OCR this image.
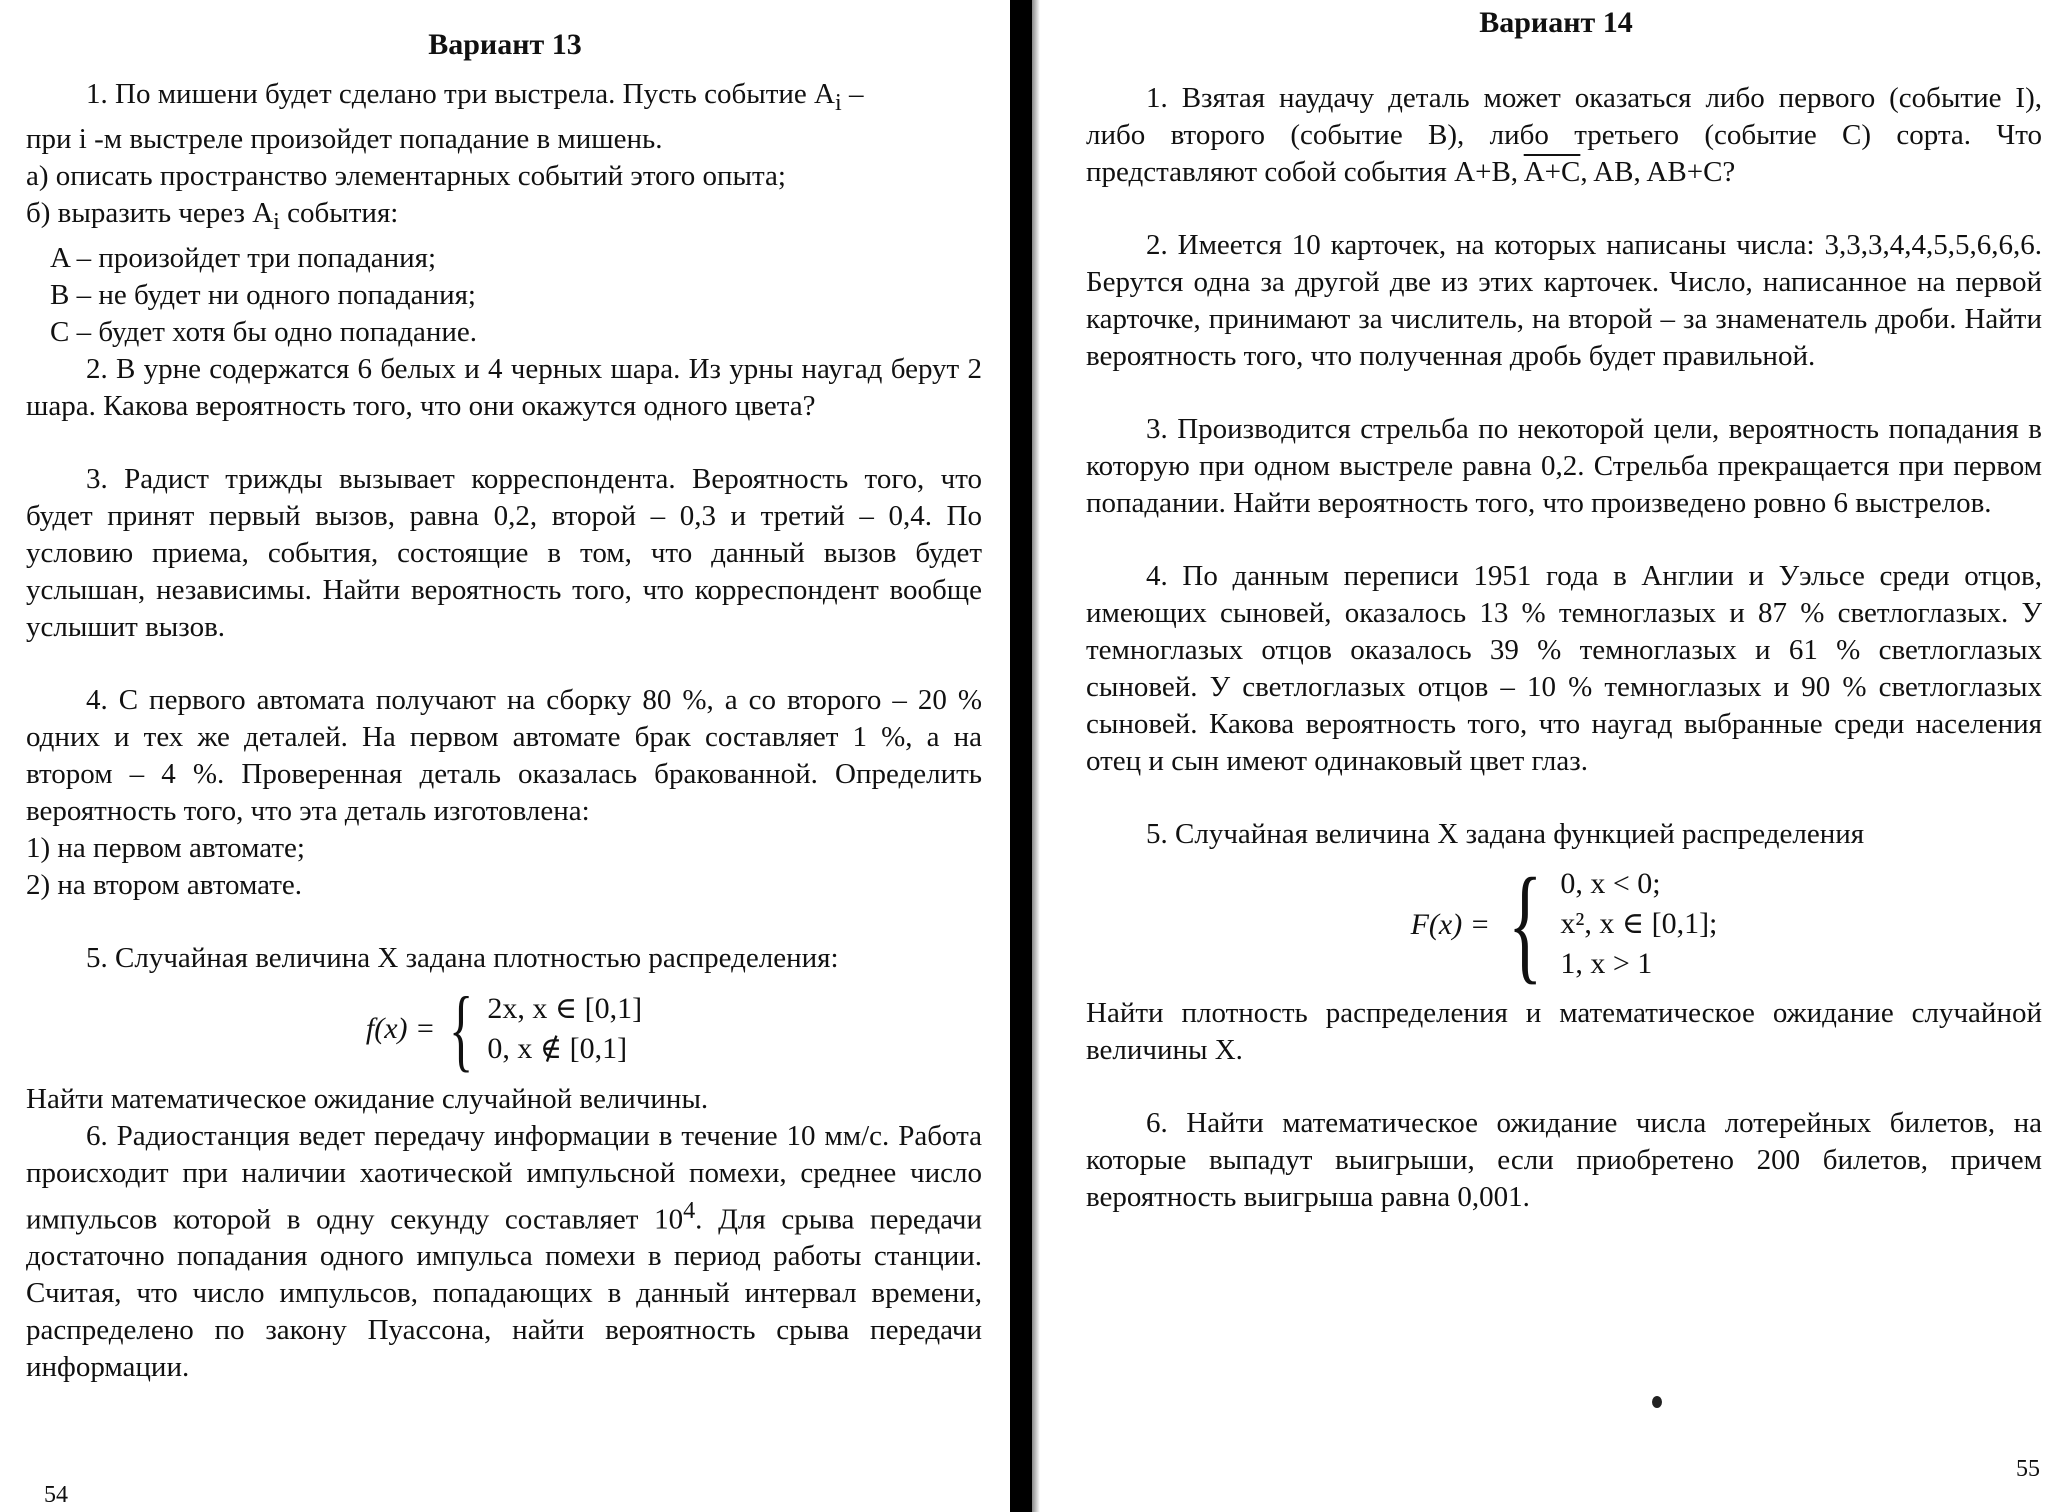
Вариант 13
1. По мишени будет сделано три выстрела. Пусть событие $A_i$ –
при i -м выстреле произойдет попадание в мишень.
а) описать пространство элементарных событий этого опыта;
б) выразить через $A_i$ события:
A – произойдет три попадания;
B – не будет ни одного попадания;
C – будет хотя бы одно попадание.

2. В урне содержатся 6 белых и 4 черных шара. Из урны наугад берут 2 шара. Какова вероятность того, что они окажутся одного цвета?

3. Радист трижды вызывает корреспондента. Вероятность того, что будет принят первый вызов, равна 0,2, второй – 0,3 и третий – 0,4. По условию приема, события, состоящие в том, что данный вызов будет услышан, независимы. Найти вероятность того, что корреспондент вообще услышит вызов.

4. С первого автомата получают на сборку 80 %, а со второго – 20 % одних и тех же деталей. На первом автомате брак составляет 1 %, а на втором – 4 %. Проверенная деталь оказалась бракованной. Определить вероятность того, что эта деталь изготовлена:

1) на первом автомате;
2) на втором автомате.

5. Случайная величина X задана плотностью распределения:

f(x) = { 2x, x ∈ [0,1]
0, x ∉ [0,1]

Найти математическое ожидание случайной величины.

6. Радиостанция ведет передачу информации в течение 10 мм/с. Работа происходит при наличии хаотической импульсной помехи, среднее число импульсов которой в одну секунду составляет $10^4$. Для срыва передачи достаточно попадания одного импульса помехи в период работы станции. Считая, что число импульсов, попадающих в данный интервал времени, распределено по закону Пуассона, найти вероятность срыва передачи информации.

54
Вариант 14

1. Взятая наудачу деталь может оказаться либо первого (событие I), либо второго (событие B), либо третьего (событие C) сорта. Что представляют собой события A+B, A+C, AB, AB+C?

2. Имеется 10 карточек, на которых написаны числа: 3,3,3,4,4,5,5,6,6,6. Берутся одна за другой две из этих карточек. Число, написанное на первой карточке, принимают за числитель, на второй – за знаменатель дроби. Найти вероятность того, что полученная дробь будет правильной.

3. Производится стрельба по некоторой цели, вероятность попадания в которую при одном выстреле равна 0,2. Стрельба прекращается при первом попадании. Найти вероятность того, что произведено ровно 6 выстрелов.

4. По данным переписи 1951 года в Англии и Уэльсе среди отцов, имеющих сыновей, оказалось 13 % темноглазых и 87 % светлоглазых. У темноглазых отцов оказалось 39 % темноглазых и 61 % светлоглазых сыновей. У светлоглазых отцов – 10 % темноглазых и 90 % светлоглазых сыновей. Какова вероятность того, что наугад выбранные среди населения отец и сын имеют одинаковый цвет глаз.

5. Случайная величина X задана функцией распределения

F(x) = { 0, x < 0;
x², x ∈ [0,1];
1, x > 1

Найти плотность распределения и математическое ожидание случайной величины X.

6. Найти математическое ожидание числа лотерейных билетов, на которые выпадут выигрыши, если приобретено 200 билетов, причем вероятность выигрыша равна 0,001.

55
